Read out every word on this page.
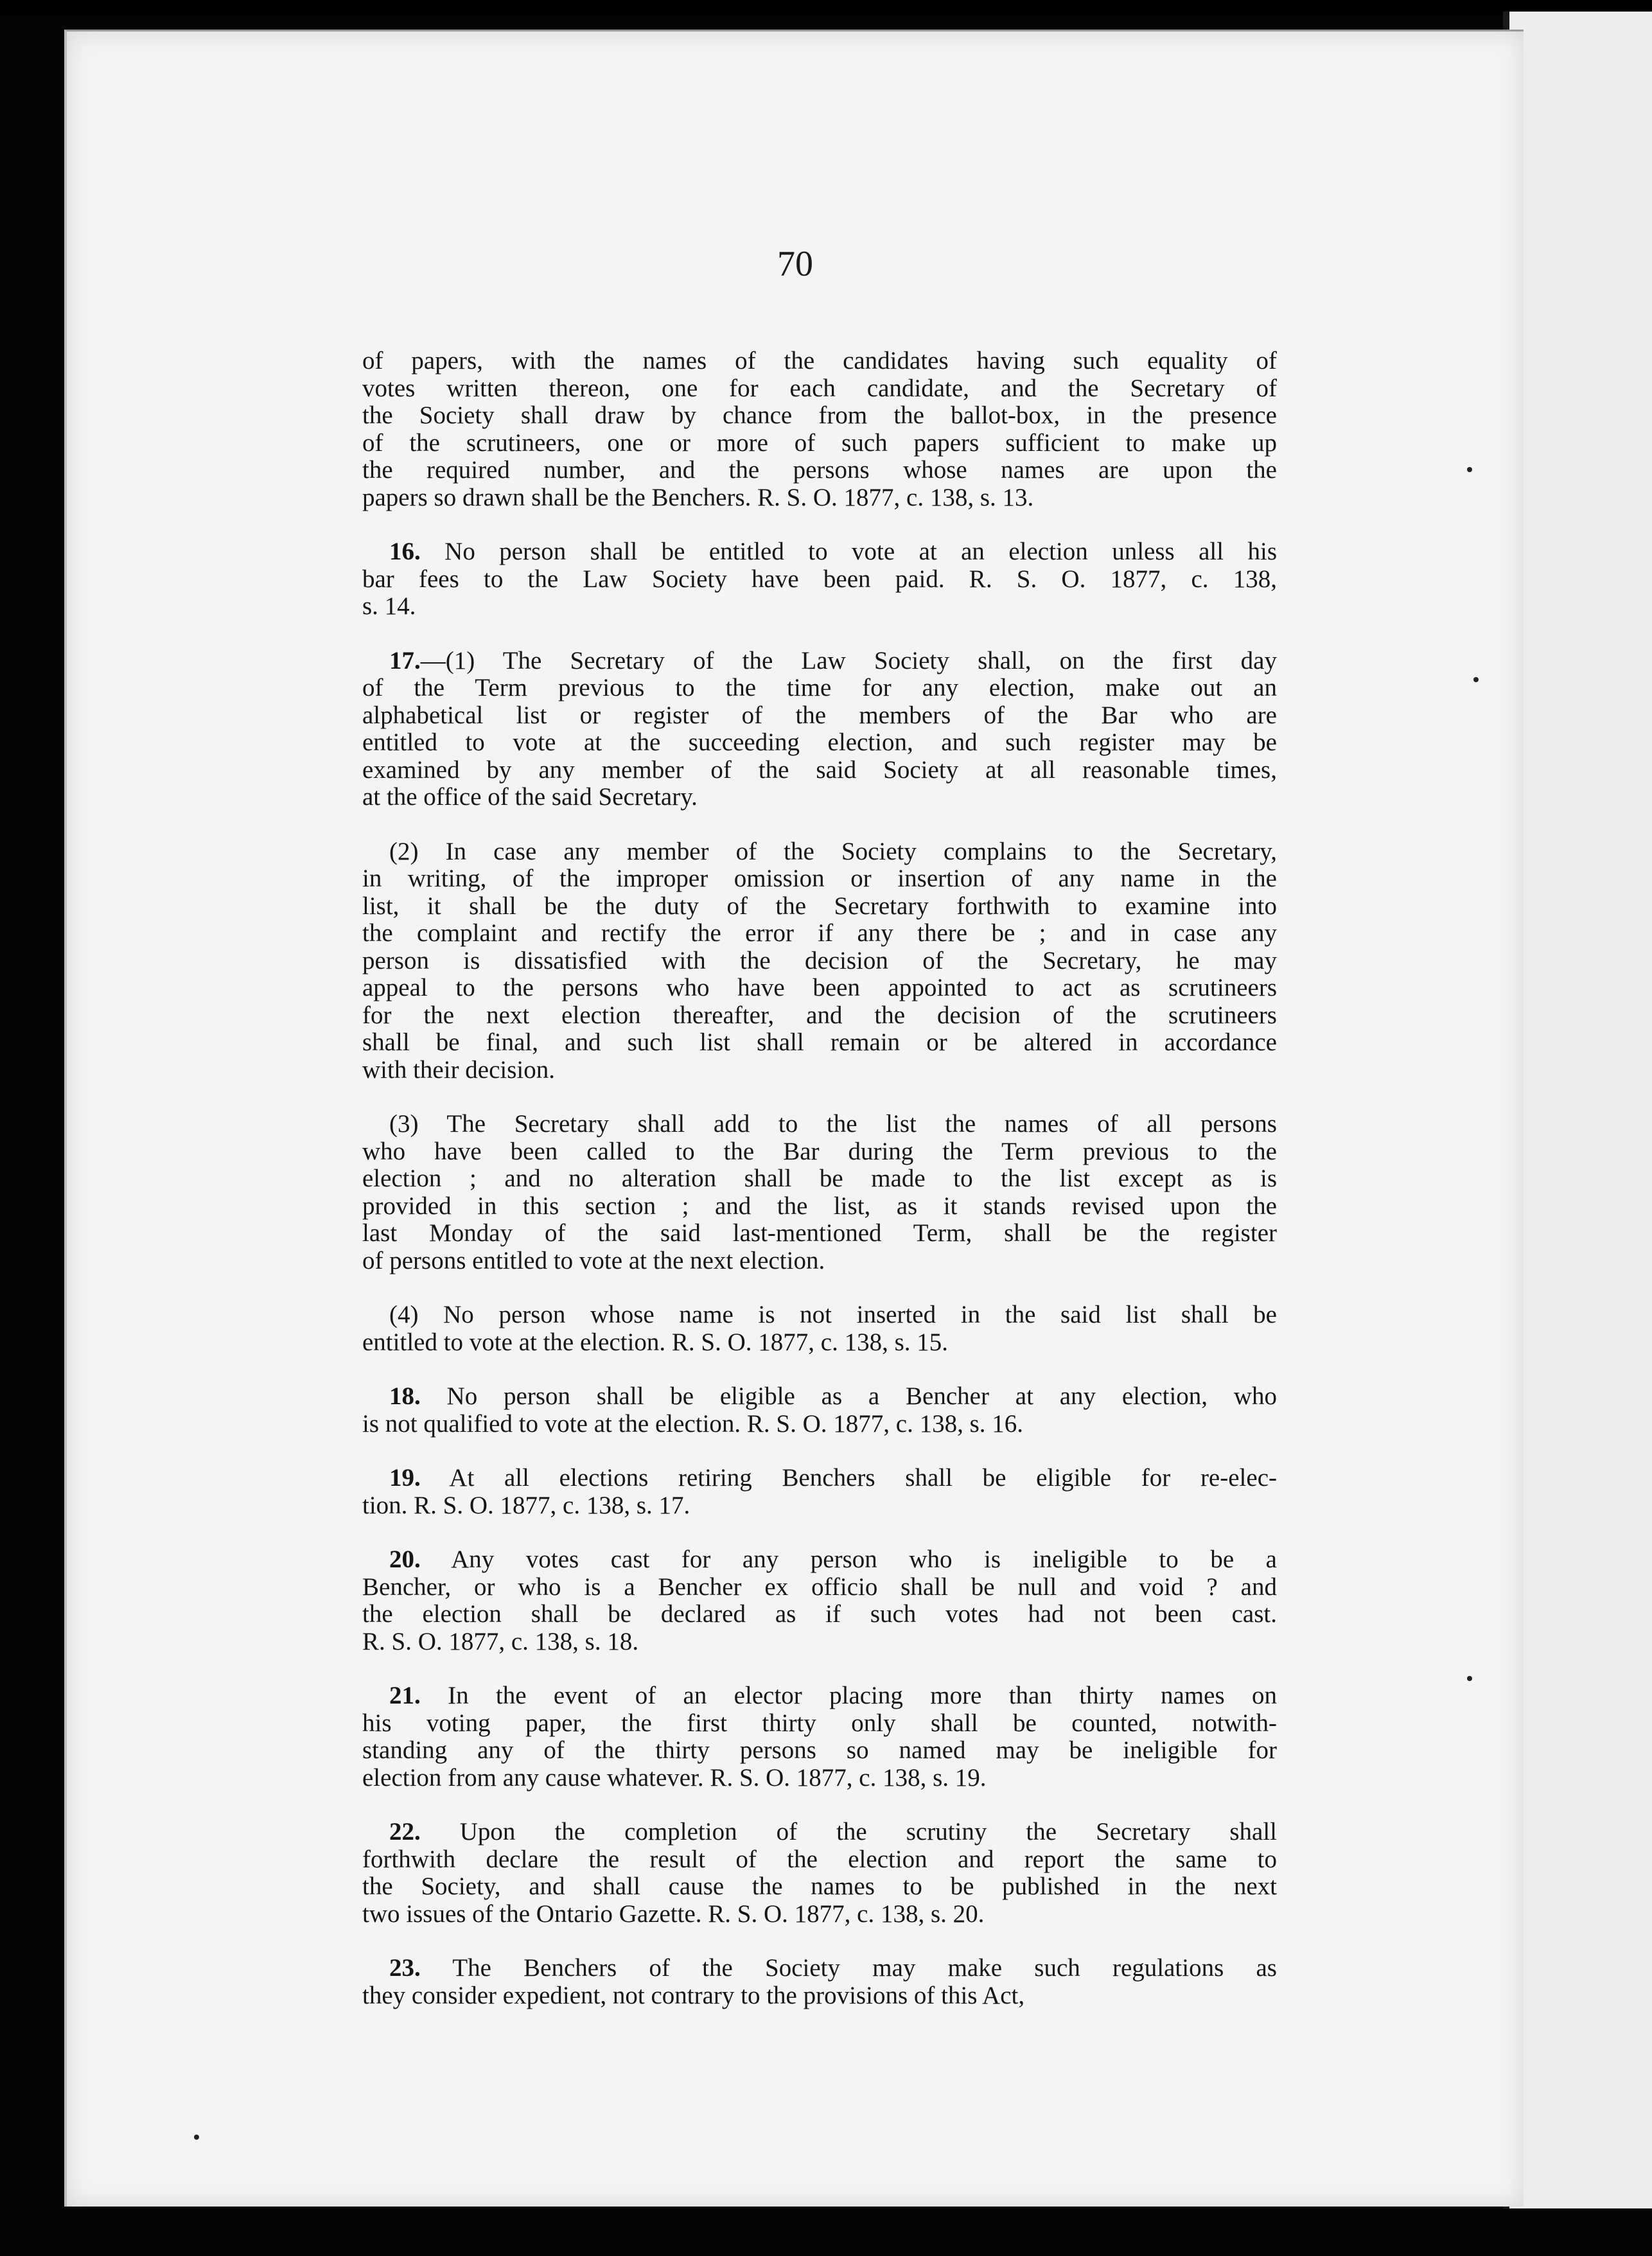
70
of papers, with the names of the candidates having such equality of
votes written thereon, one for each candidate, and the Secretary of
the Society shall draw by chance from the ballot-box, in the presence
of the scrutineers, one or more of such papers sufficient to make up
the required number, and the persons whose names are upon the
papers so drawn shall be the Benchers. R. S. O. 1877, c. 138, s. 13.
16. No person shall be entitled to vote at an election unless all his
bar fees to the Law Society have been paid. R. S. O. 1877, c. 138,
s. 14.
17.—(1) The Secretary of the Law Society shall, on the first day
of the Term previous to the time for any election, make out an
alphabetical list or register of the members of the Bar who are
entitled to vote at the succeeding election, and such register may be
examined by any member of the said Society at all reasonable times,
at the office of the said Secretary.
(2) In case any member of the Society complains to the Secretary,
in writing, of the improper omission or insertion of any name in the
list, it shall be the duty of the Secretary forthwith to examine into
the complaint and rectify the error if any there be ; and in case any
person is dissatisfied with the decision of the Secretary, he may
appeal to the persons who have been appointed to act as scrutineers
for the next election thereafter, and the decision of the scrutineers
shall be final, and such list shall remain or be altered in accordance
with their decision.
(3) The Secretary shall add to the list the names of all persons
who have been called to the Bar during the Term previous to the
election ; and no alteration shall be made to the list except as is
provided in this section ; and the list, as it stands revised upon the
last Monday of the said last-mentioned Term, shall be the register
of persons entitled to vote at the next election.
(4) No person whose name is not inserted in the said list shall be
entitled to vote at the election. R. S. O. 1877, c. 138, s. 15.
18. No person shall be eligible as a Bencher at any election, who
is not qualified to vote at the election. R. S. O. 1877, c. 138, s. 16.
19. At all elections retiring Benchers shall be eligible for re-elec-
tion. R. S. O. 1877, c. 138, s. 17.
20. Any votes cast for any person who is ineligible to be a
Bencher, or who is a Bencher ex officio shall be null and void ? and
the election shall be declared as if such votes had not been cast.
R. S. O. 1877, c. 138, s. 18.
21. In the event of an elector placing more than thirty names on
his voting paper, the first thirty only shall be counted, notwith-
standing any of the thirty persons so named may be ineligible for
election from any cause whatever. R. S. O. 1877, c. 138, s. 19.
22. Upon the completion of the scrutiny the Secretary shall
forthwith declare the result of the election and report the same to
the Society, and shall cause the names to be published in the next
two issues of the Ontario Gazette. R. S. O. 1877, c. 138, s. 20.
23. The Benchers of the Society may make such regulations as
they consider expedient, not contrary to the provisions of this Act,
